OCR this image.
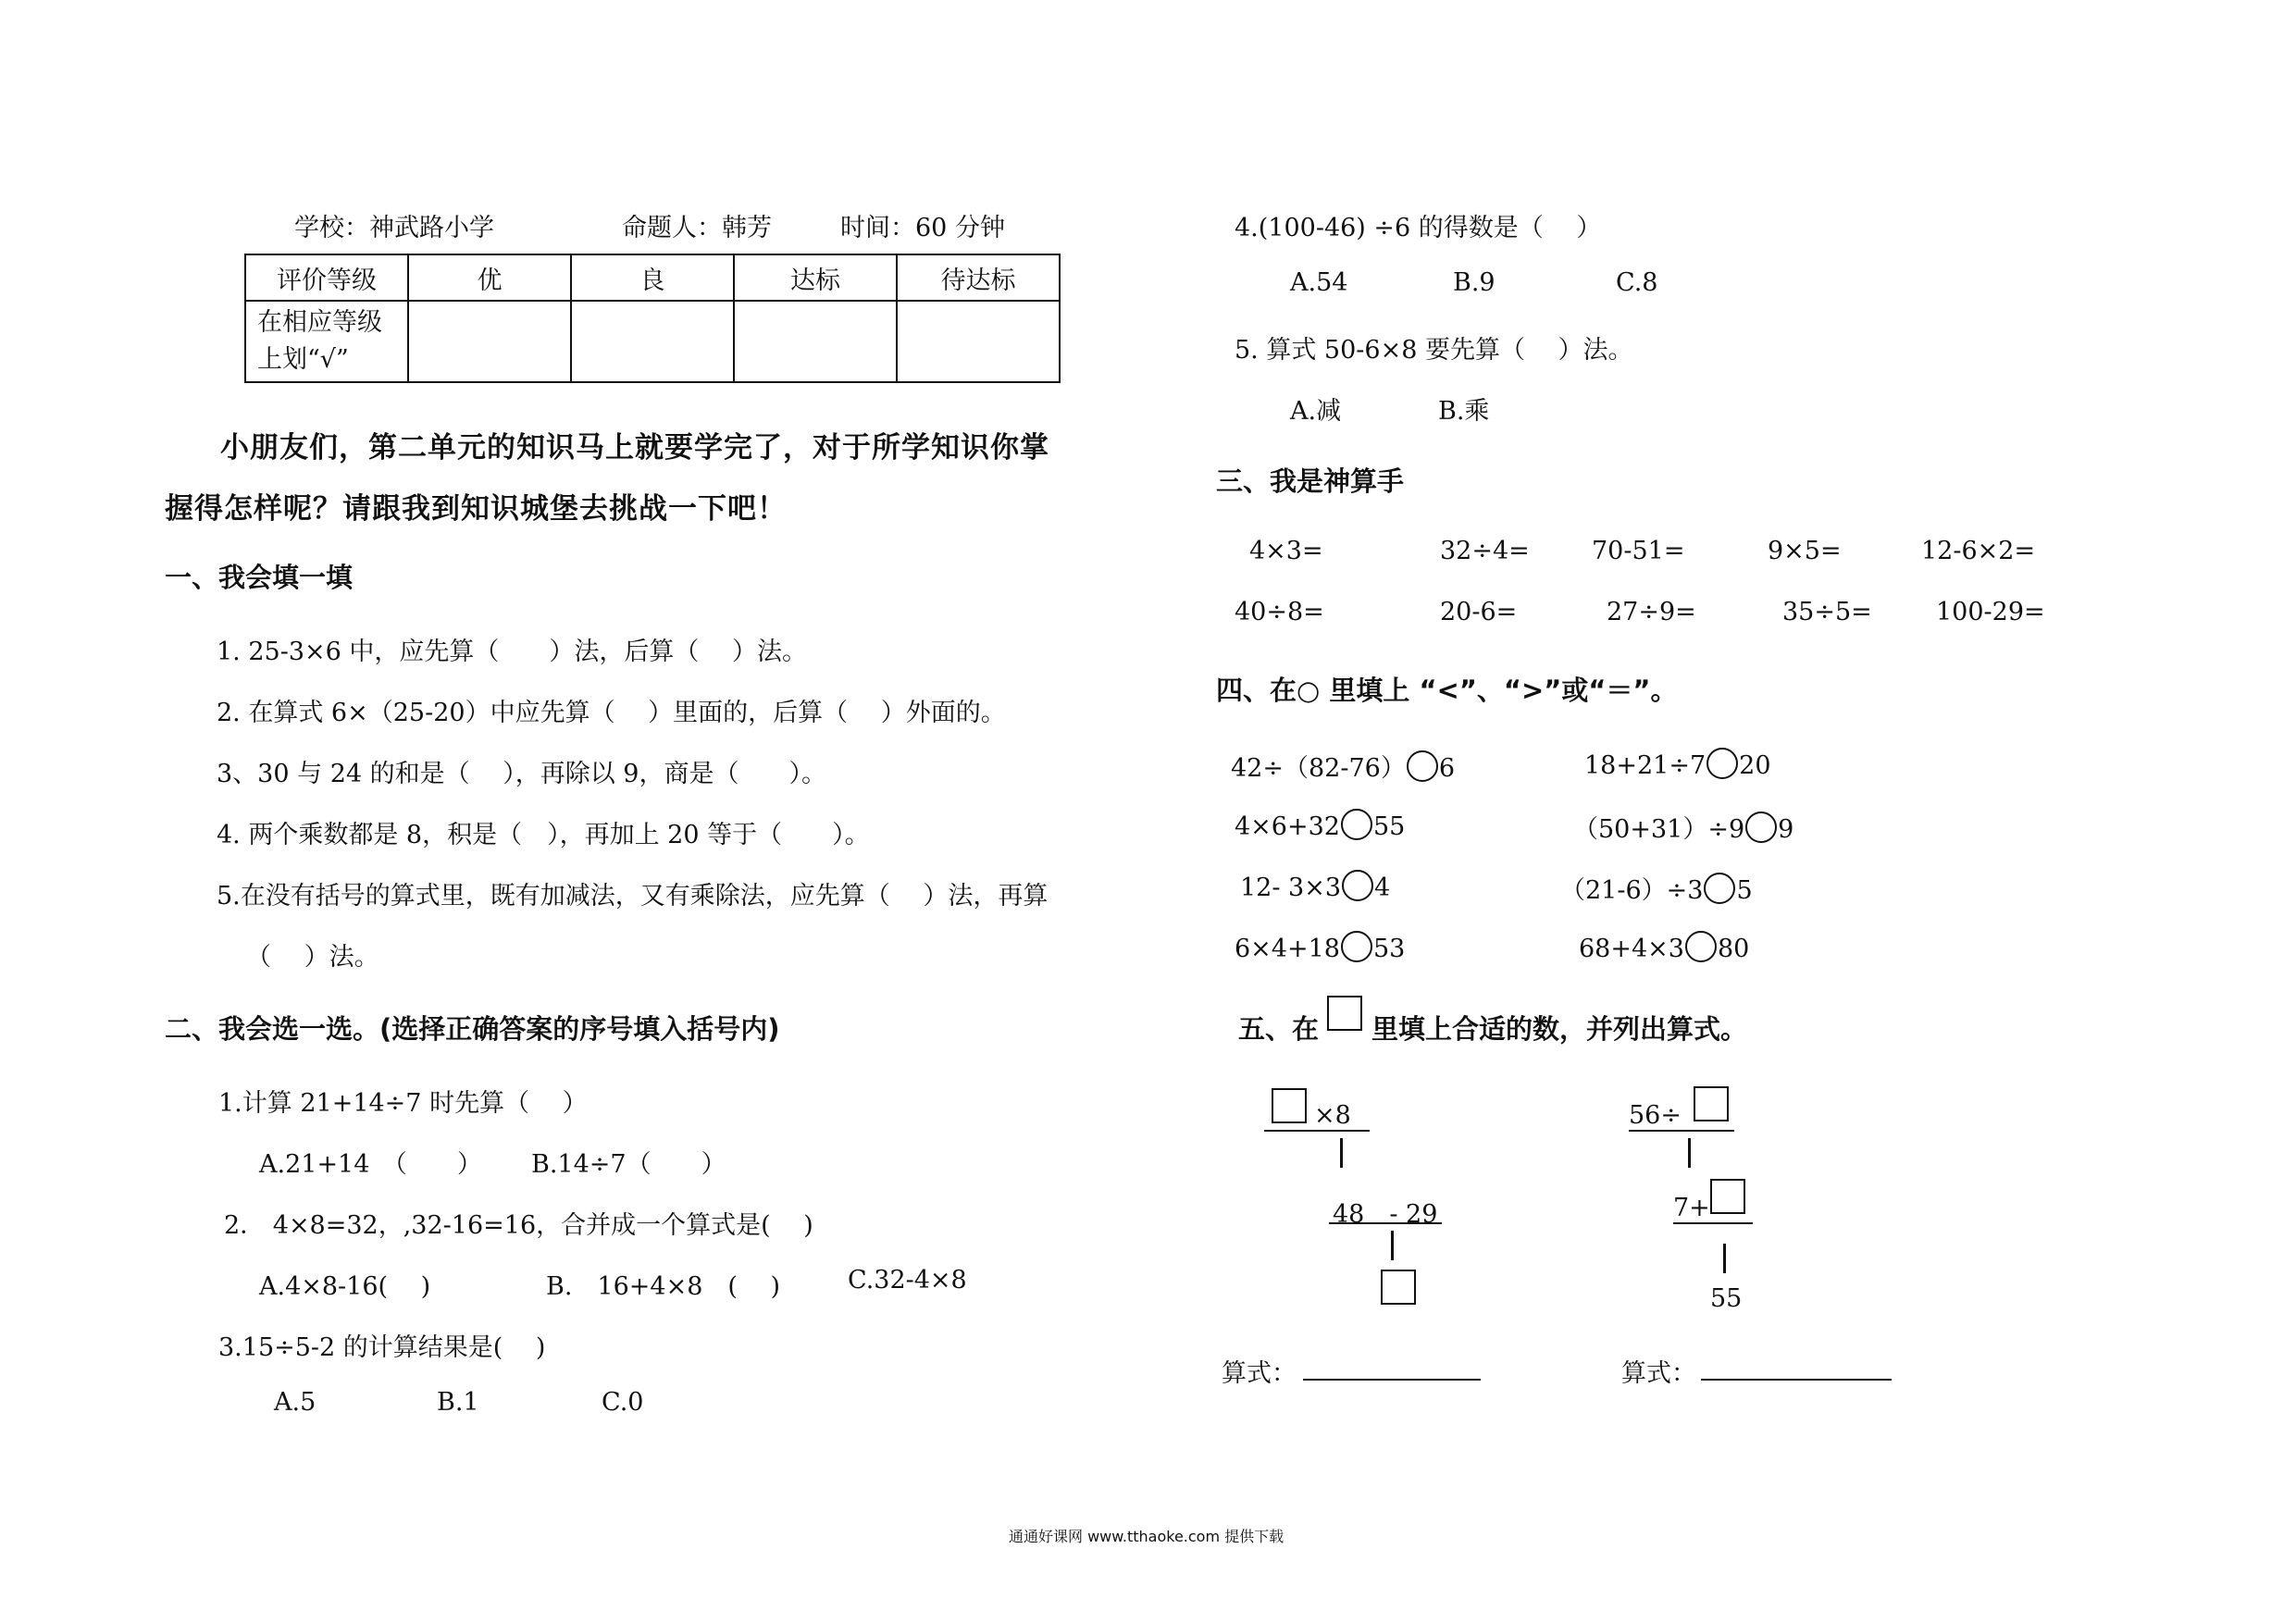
学校：神武路小学	命题人：韩芳	时间：60 分钟
评价等级	优	良	达标	待达标

在相应等级
上划“√”				

小朋友们，第二单元的知识马上就要学完了，对于所学知识你掌
握得怎样呢？请跟我到知识城堡去挑战一下吧！
一、我会填一填
1. 25-3×6 中，应先算（　　）法，后算（　 ）法。
2. 在算式 6×（25-20）中应先算（　 ）里面的，后算（　 ）外面的。
3、30 与 24 的和是（　 ），再除以 9，商是（　　）。
4. 两个乘数都是 8，积是（　），再加上 20 等于（　　）。
5.在没有括号的算式里，既有加减法，又有乘除法，应先算（　 ）法，再算
（　 ）法。
二、我会选一选。(选择正确答案的序号填入括号内)
1.计算 21+14÷7 时先算（　 ）
A.21+14　（　　） B.14÷7（　　）
2． 4×8=32，,32-16=16，合并成一个算式是(　 )
A.4×8-16(　 )	B.　16+4×8　(　 )	C.32-4×8
3.15÷5-2 的计算结果是(　 )
A.5	B.1	C.0
4.(100-46) ÷6 的得数是（　 ）
A.54	B.9	C.8
5. 算式 50-6×8 要先算（　 ）法。
A.减	B.乘
三、我是神算手
4×3=	32÷4= 70-51=	9×5=	12-6×2=
40÷8=	20-6=	27÷9=	35÷5=	100-29=
四、在○ 里填上 “<”、“>”或“＝”。
42÷（82-76） 6	18+21÷7 20
4×6+32 55	（50+31）÷9 9
12- 3×3 4	（21-6）÷3 5
6×4+18 53	68+4×3 80
五、在 里填上合适的数，并列出算式。
×8
48　- 29
56÷
7+
55
算式：	算式：
通通好课网 www.tthaoke.com 提供下载
